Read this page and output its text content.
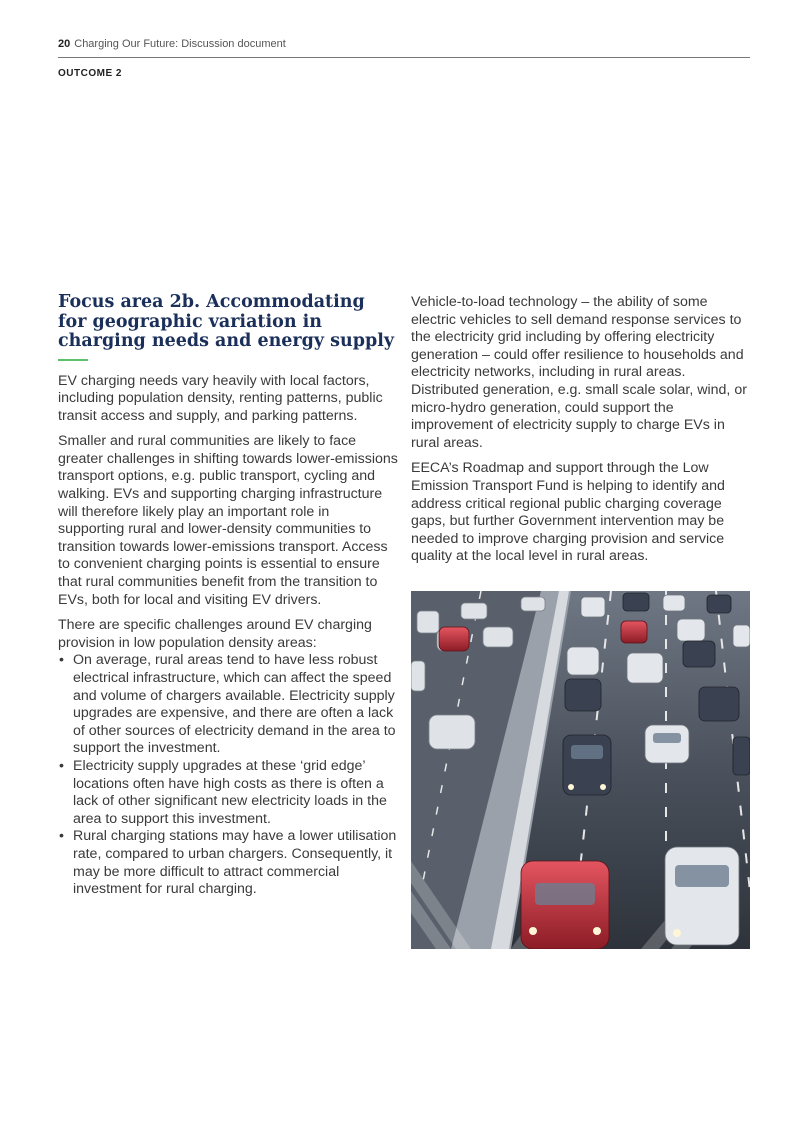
20 Charging Our Future: Discussion document
OUTCOME 2
Focus area 2b. Accommodating for geographic variation in charging needs and energy supply

EV charging needs vary heavily with local factors, including population density, renting patterns, public transit access and supply, and parking patterns.

Smaller and rural communities are likely to face greater challenges in shifting towards lower-emissions transport options, e.g. public transport, cycling and walking. EVs and supporting charging infrastructure will therefore likely play an important role in supporting rural and lower-density communities to transition towards lower-emissions transport. Access to convenient charging points is essential to ensure that rural communities benefit from the transition to EVs, both for local and visiting EV drivers.

There are specific challenges around EV charging provision in low population density areas:

• On average, rural areas tend to have less robust electrical infrastructure, which can affect the speed and volume of chargers available. Electricity supply upgrades are expensive, and there are often a lack of other sources of electricity demand in the area to support the investment.
• Electricity supply upgrades at these ‘grid edge’ locations often have high costs as there is often a lack of other significant new electricity loads in the area to support this investment.
• Rural charging stations may have a lower utilisation rate, compared to urban chargers. Consequently, it may be more difficult to attract commercial investment for rural charging.

Vehicle-to-load technology – the ability of some electric vehicles to sell demand response services to the electricity grid including by offering electricity generation – could offer resilience to households and electricity networks, including in rural areas. Distributed generation, e.g. small scale solar, wind, or micro-hydro generation, could support the improvement of electricity supply to charge EVs in rural areas.

EECA’s Roadmap and support through the Low Emission Transport Fund is helping to identify and address critical regional public charging coverage gaps, but further Government intervention may be needed to improve charging provision and service quality at the local level in rural areas.
